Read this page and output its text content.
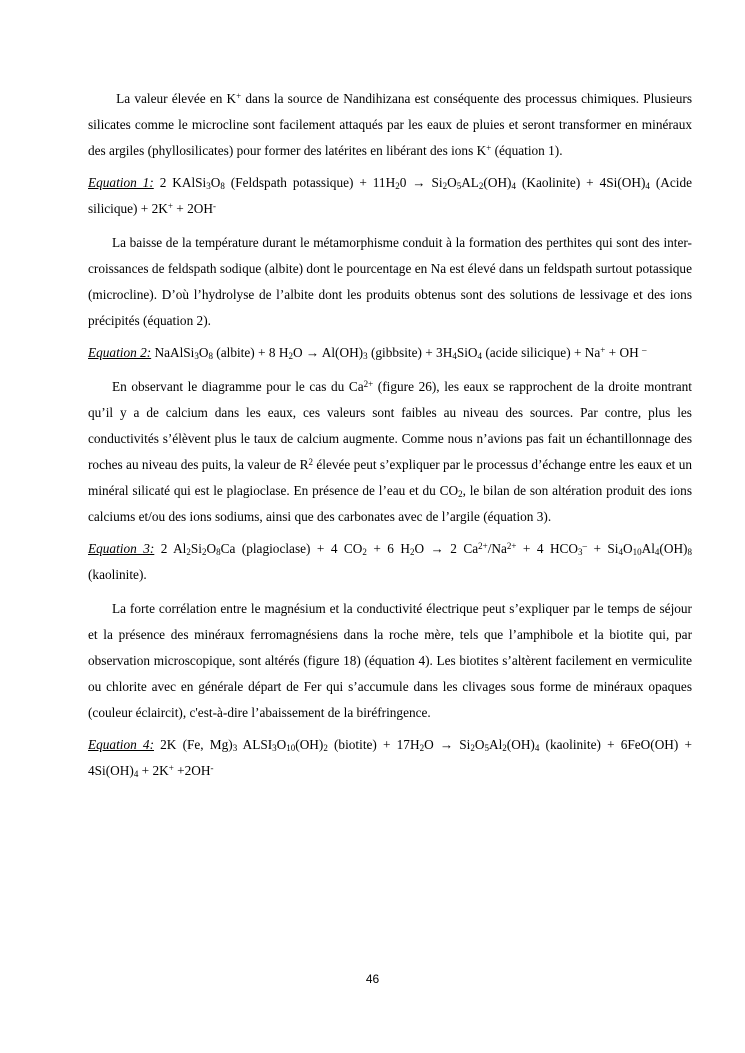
La valeur élevée en K+ dans la source de Nandihizana est conséquente des processus chimiques. Plusieurs silicates comme le microcline sont facilement attaqués par les eaux de pluies et seront transformer en minéraux des argiles (phyllosilicates) pour former des latérites en libérant des ions K+ (équation 1).

Equation 1: 2 $KAlSi_3O_8$ (Feldspath potassique) + $11H_20 \to Si_2O_5AL_2(OH)_4$ (Kaolinite) + $4Si(OH)_4$ (Acide silicique) + 2K+ + 2OH-

La baisse de la température durant le métamorphisme conduit à la formation des perthites qui sont des inter-croissances de feldspath sodique (albite) dont le pourcentage en Na est élevé dans un feldspath surtout potassique (microcline). D’où l’hydrolyse de l’albite dont les produits obtenus sont des solutions de lessivage et des ions précipités (équation 2).

Equation 2: $NaAlSi_3O_8$ (albite) + 8 $H_2O \to Al(OH)_3$ (gibbsite) + $3H_4SiO_4$ (acide silicique) + Na+ + OH –

En observant le diagramme pour le cas du $Ca^{2+}$ (figure 26), les eaux se rapprochent de la droite montrant qu’il y a de calcium dans les eaux, ces valeurs sont faibles au niveau des sources. Par contre, plus les conductivités s’élèvent plus le taux de calcium augmente. Comme nous n’avions pas fait un échantillonnage des roches au niveau des puits, la valeur de $R^2$ élevée peut s’expliquer par le processus d’échange entre les eaux et un minéral silicaté qui est le plagioclase. En présence de l’eau et du $CO_2$, le bilan de son altération produit des ions calciums et/ou des ions sodiums, ainsi que des carbonates avec de l’argile (équation 3).

Equation 3: 2 $Al_2Si_2O_8Ca$ (plagioclase) + 4 $CO_2 + 6$ $H_2O \to 2$ $Ca^{2+}/Na^{2+} + 4$ $HCO_3^- + Si_4O_{10}Al_4(OH)_8$ (kaolinite).

La forte corrélation entre le magnésium et la conductivité électrique peut s’expliquer par le temps de séjour et la présence des minéraux ferromagnésiens dans la roche mère, tels que l’amphibole et la biotite qui, par observation microscopique, sont altérés (figure 18) (équation 4). Les biotites s’altèrent facilement en vermiculite ou chlorite avec en générale départ de Fer qui s’accumule dans les clivages sous forme de minéraux opaques (couleur éclaircit), c'est-à-dire l’abaissement de la biréfringence.

Equation 4: 2K (Fe, $Mg)_3$ $ALSI_3O_{10}(OH)_2$ (biotite) + $17H_2O \to Si_2O_5Al_2(OH)_4$ (kaolinite) + $6FeO(OH) + 4Si(OH)_4 + 2K^+ +2OH^-$

46
